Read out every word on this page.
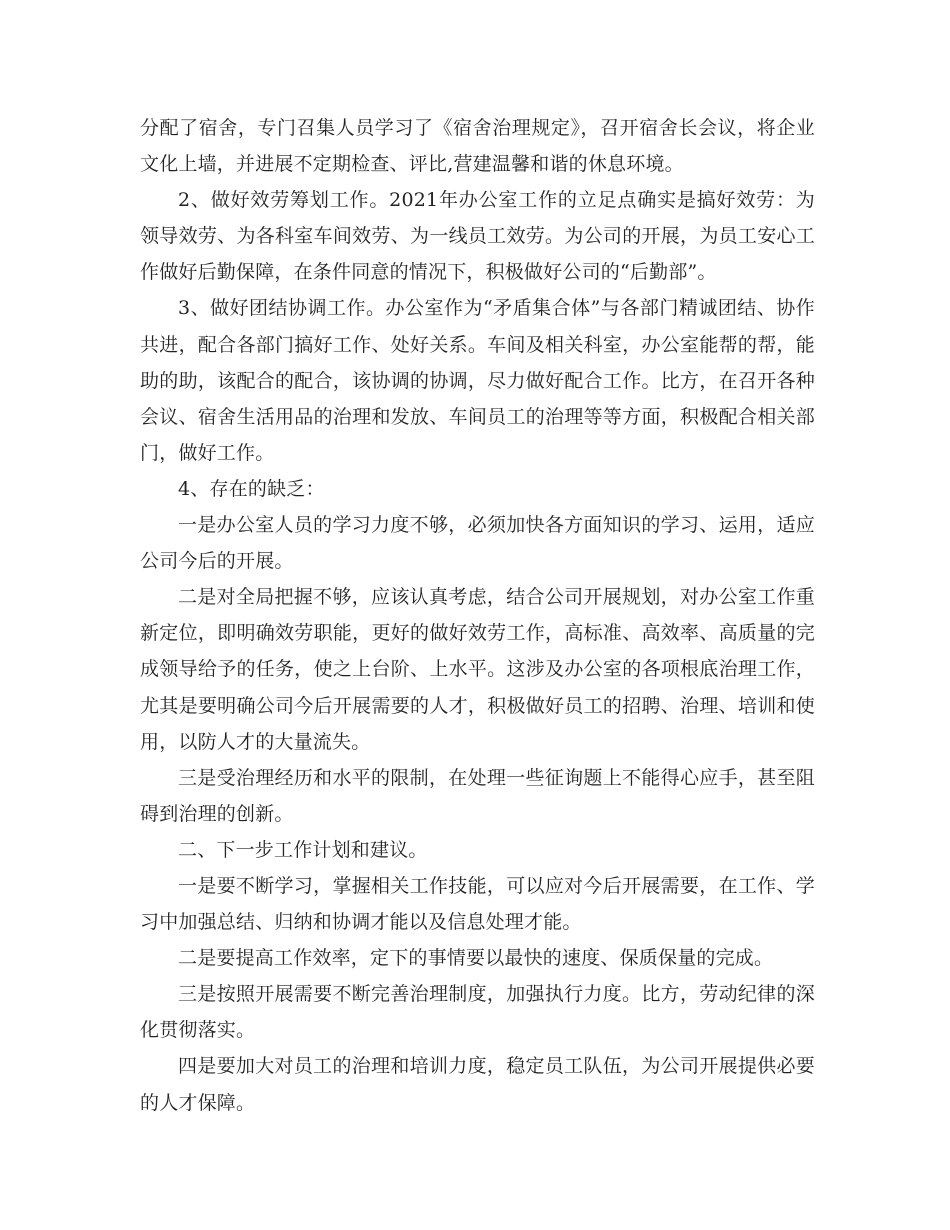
分配了宿舍，专门召集人员学习了《宿舍治理规定》，召开宿舍长会议，将企业文化上墙，并进展不定期检查、评比,营建温馨和谐的休息环境。

2、做好效劳筹划工作。2021年办公室工作的立足点确实是搞好效劳：为领导效劳、为各科室车间效劳、为一线员工效劳。为公司的开展，为员工安心工作做好后勤保障，在条件同意的情况下，积极做好公司的“后勤部”。

3、做好团结协调工作。办公室作为“矛盾集合体”与各部门精诚团结、协作共进，配合各部门搞好工作、处好关系。车间及相关科室，办公室能帮的帮，能助的助，该配合的配合，该协调的协调，尽力做好配合工作。比方，在召开各种会议、宿舍生活用品的治理和发放、车间员工的治理等等方面，积极配合相关部门，做好工作。

4、存在的缺乏：

一是办公室人员的学习力度不够，必须加快各方面知识的学习、运用，适应公司今后的开展。

二是对全局把握不够，应该认真考虑，结合公司开展规划，对办公室工作重新定位，即明确效劳职能，更好的做好效劳工作，高标准、高效率、高质量的完成领导给予的任务，使之上台阶、上水平。这涉及办公室的各项根底治理工作，尤其是要明确公司今后开展需要的人才，积极做好员工的招聘、治理、培训和使用，以防人才的大量流失。

三是受治理经历和水平的限制，在处理一些征询题上不能得心应手，甚至阻碍到治理的创新。

二、下一步工作计划和建议。

一是要不断学习，掌握相关工作技能，可以应对今后开展需要，在工作、学习中加强总结、归纳和协调才能以及信息处理才能。

二是要提高工作效率，定下的事情要以最快的速度、保质保量的完成。

三是按照开展需要不断完善治理制度，加强执行力度。比方，劳动纪律的深化贯彻落实。

四是要加大对员工的治理和培训力度，稳定员工队伍，为公司开展提供必要的人才保障。
